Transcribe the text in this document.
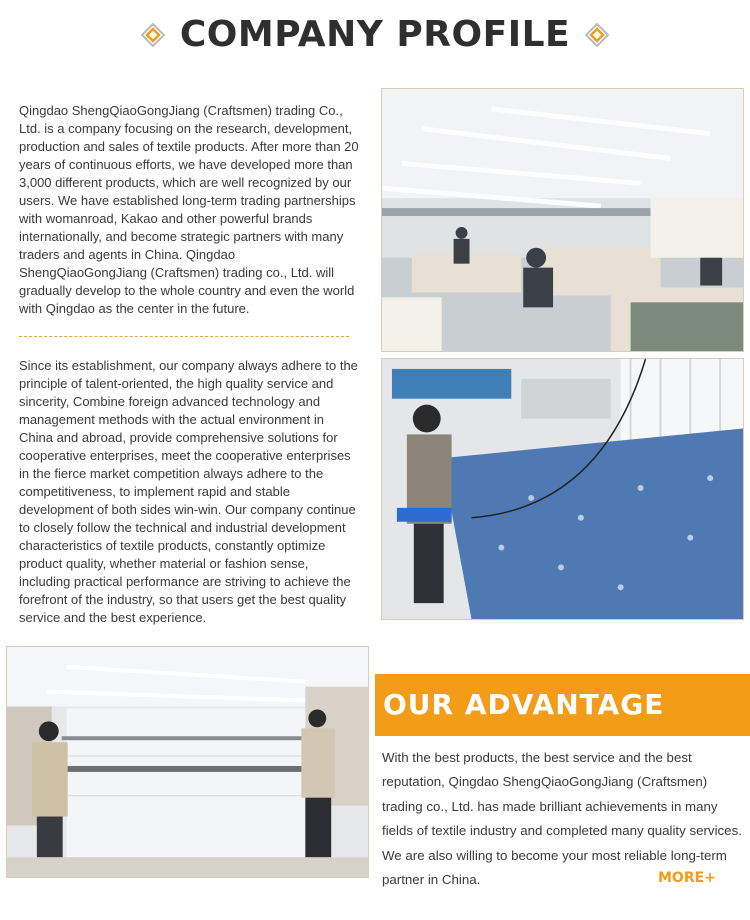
COMPANY PROFILE

Qingdao ShengQiaoGongJiang (Craftsmen) trading Co., Ltd. is a company focusing on the research, development, production and sales of textile products. After more than 20 years of continuous efforts, we have developed more than 3,000 different products, which are well recognized by our users. We have established long-term trading partnerships with womanroad, Kakao and other powerful brands internationally, and become strategic partners with many traders and agents in China. Qingdao ShengQiaoGongJiang (Craftsmen) trading co., Ltd. will gradually develop to the whole country and even the world with Qingdao as the center in the future.

Since its establishment, our company always adhere to the principle of talent-oriented, the high quality service and sincerity, Combine foreign advanced technology and management methods with the actual environment in China and abroad, provide comprehensive solutions for cooperative enterprises, meet the cooperative enterprises in the fierce market competition always adhere to the competitiveness, to implement rapid and stable development of both sides win-win. Our company continue to closely follow the technical and industrial development characteristics of textile products, constantly optimize product quality, whether material or fashion sense, including practical performance are striving to achieve the forefront of the industry, so that users get the best quality service and the best experience.

OUR ADVANTAGE

With the best products, the best service and the best reputation, Qingdao ShengQiaoGongJiang (Craftsmen) trading co., Ltd. has made brilliant achievements in many fields of textile industry and completed many quality services. We are also willing to become your most reliable long-term partner in China.	MORE+
